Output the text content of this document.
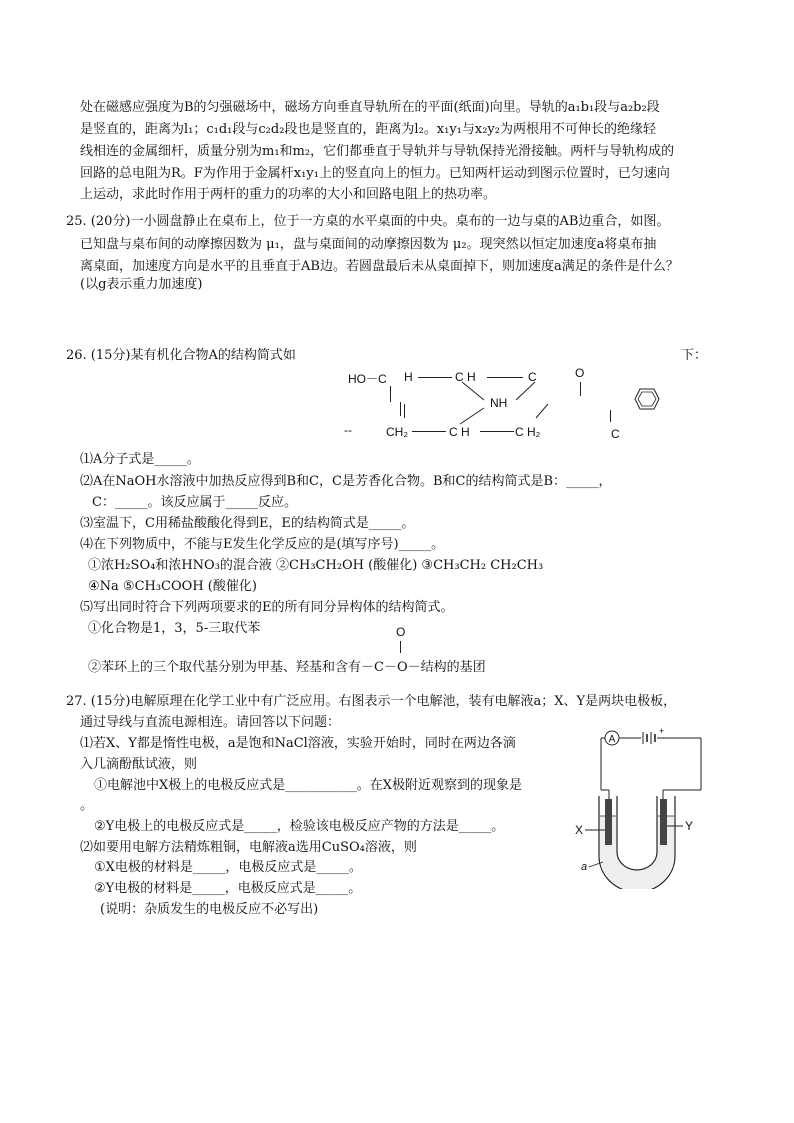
处在磁感应强度为B的匀强磁场中，磁场方向垂直导轨所在的平面(纸面)向里。导轨的a₁b₁段与a₂b₂段
是竖直的，距离为l₁；c₁d₁段与c₂d₂段也是竖直的，距离为l₂。x₁y₁与x₂y₂为两根用不可伸长的绝缘轻
线相连的金属细杆，质量分别为m₁和m₂，它们都垂直于导轨并与导轨保持光滑接触。两杆与导轨构成的
回路的总电阻为R。F为作用于金属杆x₁y₁上的竖直向上的恒力。已知两杆运动到图示位置时，已匀速向
上运动，求此时作用于两杆的重力的功率的大小和回路电阻上的热功率。
25. (20分)一小圆盘静止在桌布上，位于一方桌的水平桌面的中央。桌布的一边与桌的AB边重合，如图。
已知盘与桌布间的动摩擦因数为 μ₁，盘与桌面间的动摩擦因数为 μ₂。现突然以恒定加速度a将桌布抽
离桌面，加速度方向是水平的且垂直于AB边。若圆盘最后未从桌面掉下，则加速度a满足的条件是什么？
(以g表示重力加速度)
26. (15分)某有机化合物A的结构简式如	下：
HO－C H	C H	C	O
NH
--	CH₂	C H	C H₂	C
⑴A分子式是_____。
⑵A在NaOH水溶液中加热反应得到B和C，C是芳香化合物。B和C的结构简式是B：_____，
C：_____。该反应属于_____反应。
⑶室温下，C用稀盐酸酸化得到E，E的结构简式是_____。
⑷在下列物质中，不能与E发生化学反应的是(填写序号)_____。
①浓H₂SO₄和浓HNO₃的混合液 ②CH₃CH₂OH (酸催化) ③CH₃CH₂ CH₂CH₃
④Na ⑤CH₃COOH (酸催化)
⑸写出同时符合下列两项要求的E的所有同分异构体的结构简式。
①化合物是1，3，5-三取代苯	O
②苯环上的三个取代基分别为甲基、羟基和含有－C－O－结构的基团
27. (15分)电解原理在化学工业中有广泛应用。右图表示一个电解池，装有电解液a；X、Y是两块电极板，
通过导线与直流电源相连。请回答以下问题：
⑴若X、Y都是惰性电极，a是饱和NaCl溶液，实验开始时，同时在两边各滴
入几滴酚酞试液，则
①电解池中X极上的电极反应式是___________。在X极附近观察到的现象是
。
②Y电极上的电极反应式是_____，检验该电极反应产物的方法是_____。
⑵如要用电解方法精炼粗铜，电解液a选用CuSO₄溶液，则
①X电极的材料是_____，电极反应式是_____。
②Y电极的材料是_____，电极反应式是_____。
(说明：杂质发生的电极反应不必写出)
A
+
X	Y
a
